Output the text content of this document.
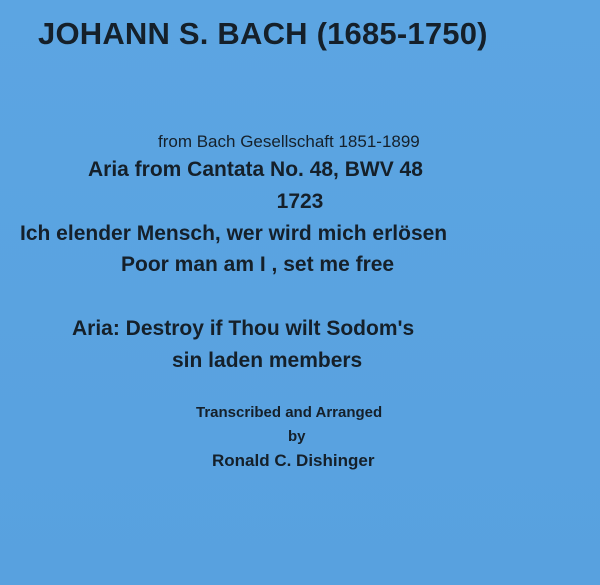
JOHANN S. BACH (1685-1750)
from Bach Gesellschaft 1851-1899
Aria from Cantata No. 48, BWV 48
1723
Ich elender Mensch, wer wird mich erlösen
Poor man am I , set me free
Aria: Destroy if Thou wilt Sodom's
sin laden members
Transcribed and Arranged
by
Ronald C. Dishinger
